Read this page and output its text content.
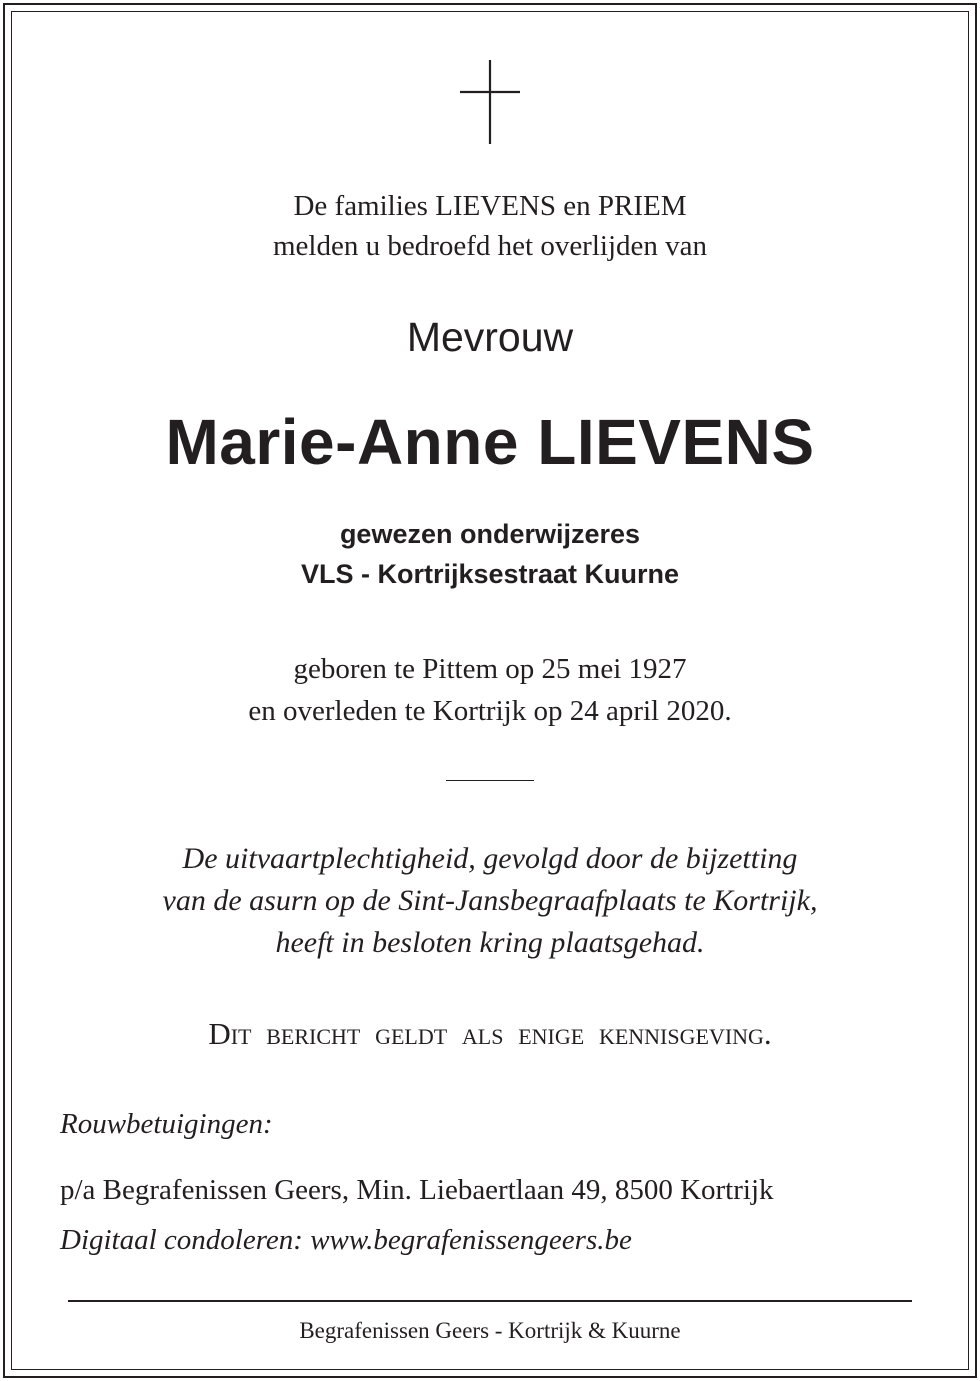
De families LIEVENS en PRIEM
melden u bedroefd het overlijden van
Mevrouw
Marie-Anne LIEVENS
gewezen onderwijzeres
VLS - Kortrijksestraat Kuurne
geboren te Pittem op 25 mei 1927
en overleden te Kortrijk op 24 april 2020.
De uitvaartplechtigheid, gevolgd door de bijzetting
van de asurn op de Sint-Jansbegraafplaats te Kortrijk,
heeft in besloten kring plaatsgehad.
Dit bericht geldt als enige kennisgeving.
Rouwbetuigingen:
p/a Begrafenissen Geers, Min. Liebaertlaan 49, 8500 Kortrijk
Digitaal condoleren: www.begrafenissengeers.be
Begrafenissen Geers - Kortrijk & Kuurne
